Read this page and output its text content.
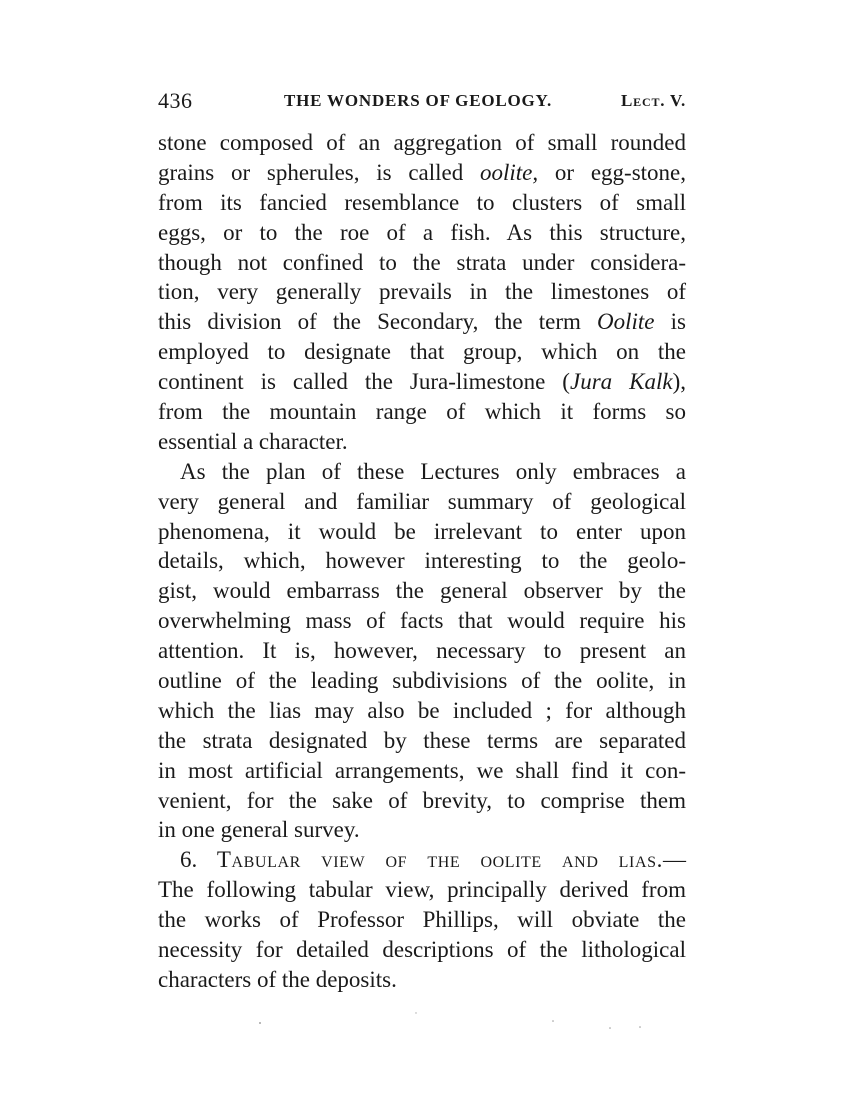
436	THE WONDERS OF GEOLOGY.	Lect. V.
stone composed of an aggregation of small rounded
grains or spherules, is called oolite, or egg-stone,
from its fancied resemblance to clusters of small
eggs, or to the roe of a fish. As this structure,
though not confined to the strata under considera-
tion, very generally prevails in the limestones of
this division of the Secondary, the term Oolite is
employed to designate that group, which on the
continent is called the Jura-limestone (Jura Kalk),
from the mountain range of which it forms so
essential a character.
As the plan of these Lectures only embraces a
very general and familiar summary of geological
phenomena, it would be irrelevant to enter upon
details, which, however interesting to the geolo-
gist, would embarrass the general observer by the
overwhelming mass of facts that would require his
attention. It is, however, necessary to present an
outline of the leading subdivisions of the oolite, in
which the lias may also be included ; for although
the strata designated by these terms are separated
in most artificial arrangements, we shall find it con-
venient, for the sake of brevity, to comprise them
in one general survey.
6. Tabular view of the oolite and lias.—
The following tabular view, principally derived from
the works of Professor Phillips, will obviate the
necessity for detailed descriptions of the lithological
characters of the deposits.
